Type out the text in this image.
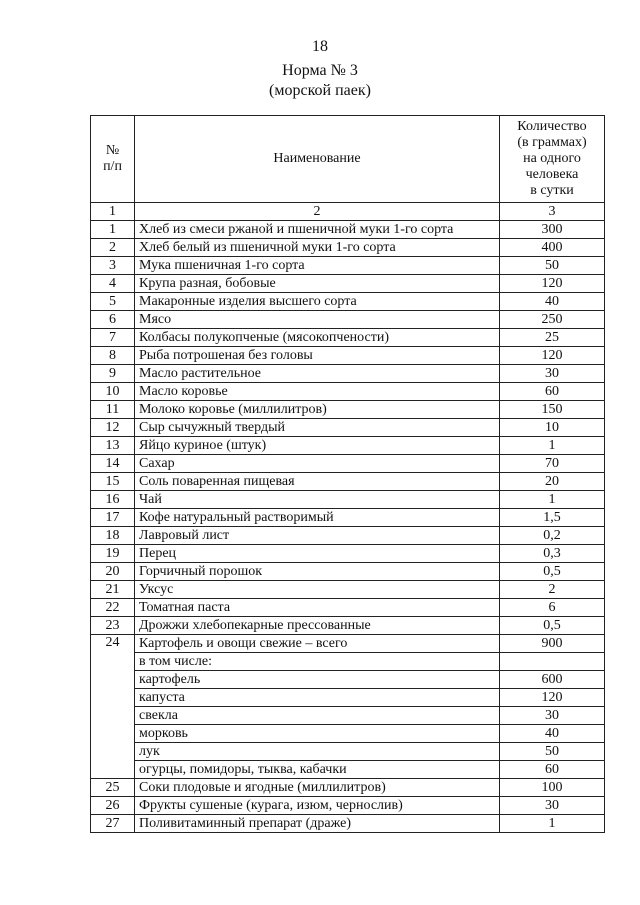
18
Норма № 3
(морской паек)
№
п/п	Наименование	Количество
(в граммах)
на одного
человека
в сутки
1	2	3
1	Хлеб из смеси ржаной и пшеничной муки 1-го сорта	300
2	Хлеб белый из пшеничной муки 1-го сорта	400
3	Мука пшеничная 1-го сорта	50
4	Крупа разная, бобовые	120
5	Макаронные изделия высшего сорта	40
6	Мясо	250
7	Колбасы полукопченые (мясокопчености)	25
8	Рыба потрошеная без головы	120
9	Масло растительное	30
10	Масло коровье	60
11	Молоко коровье (миллилитров)	150
12	Сыр сычужный твердый	10
13	Яйцо куриное (штук)	1
14	Сахар	70
15	Соль поваренная пищевая	20
16	Чай	1
17	Кофе натуральный растворимый	1,5
18	Лавровый лист	0,2
19	Перец	0,3
20	Горчичный порошок	0,5
21	Уксус	2
22	Томатная паста	6
23	Дрожжи хлебопекарные прессованные	0,5
24	Картофель и овощи свежие – всего	900
	в том числе:	
	картофель	600
	капуста	120
	свекла	30
	морковь	40
	лук	50
	огурцы, помидоры, тыква, кабачки	60
25	Соки плодовые и ягодные (миллилитров)	100
26	Фрукты сушеные (курага, изюм, чернослив)	30
27	Поливитаминный препарат (драже)	1
